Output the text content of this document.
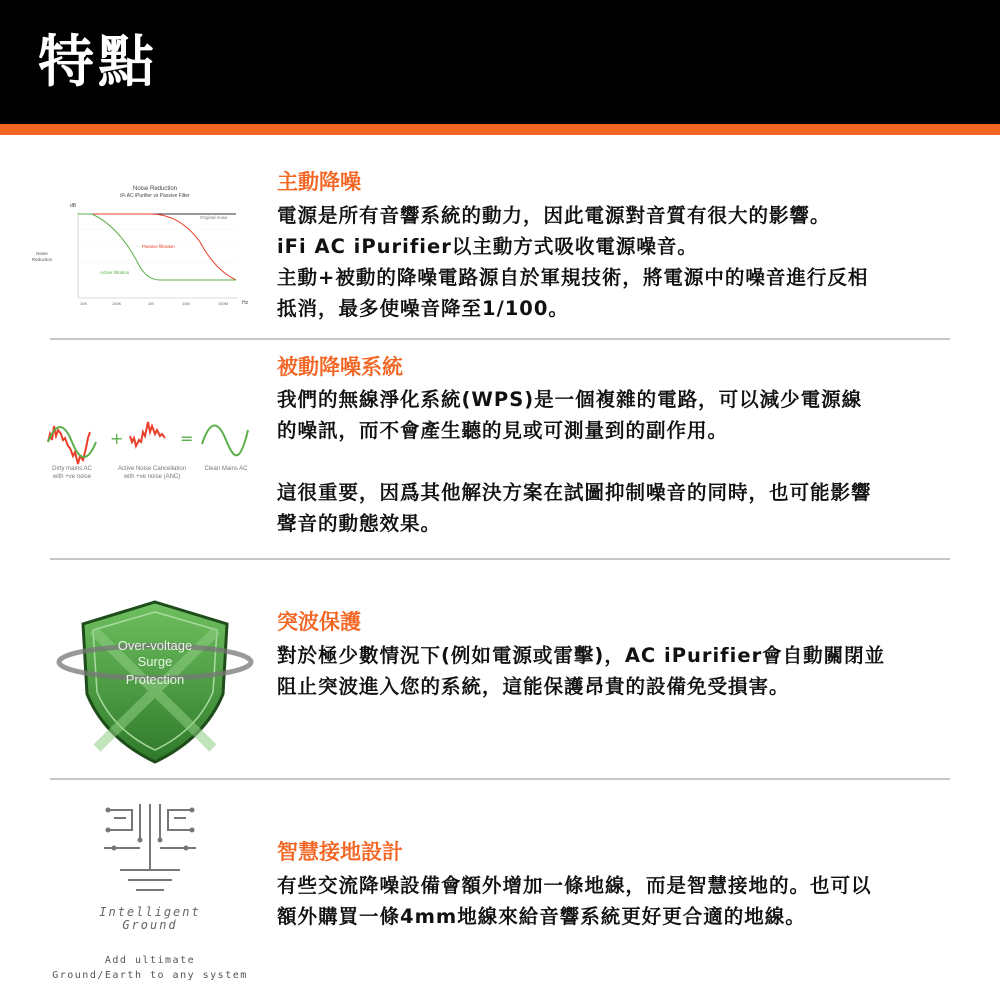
特點
Noise Reduction
iFi AC iPurifier vs Passive Filter
dB
Noise
Reduction
Hz
Original noise
Passive filtration
Active filtration
10K	100K	1M	10M	100M
主動降噪

電源是所有音響系統的動力，因此電源對音質有很大的影響。

iFi AC iPurifier以主動方式吸收電源噪音。

主動+被動的降噪電路源自於軍規技術，將電源中的噪音進行反相

抵消，最多使噪音降至1/100。

+	=
Dirty mains AC
with +ve noise
Active Noise Cancellation
with +ve noise (ANC)
Clean Mains AC
被動降噪系統

我們的無線淨化系統(WPS)是一個複雜的電路，可以減少電源線

的噪訊，而不會產生聽的見或可測量到的副作用。

這很重要，因爲其他解決方案在試圖抑制噪音的同時，也可能影響

聲音的動態效果。

Over-voltage
Surge
Protection
突波保護

對於極少數情況下(例如電源或雷擊)，AC iPurifier會自動關閉並

阻止突波進入您的系統，這能保護昂貴的設備免受損害。

Intelligent
Ground
Add ultimate
Ground/Earth to any system
智慧接地設計

有些交流降噪設備會額外增加一條地線，而是智慧接地的。也可以

額外購買一條4mm地線來給音響系統更好更合適的地線。
